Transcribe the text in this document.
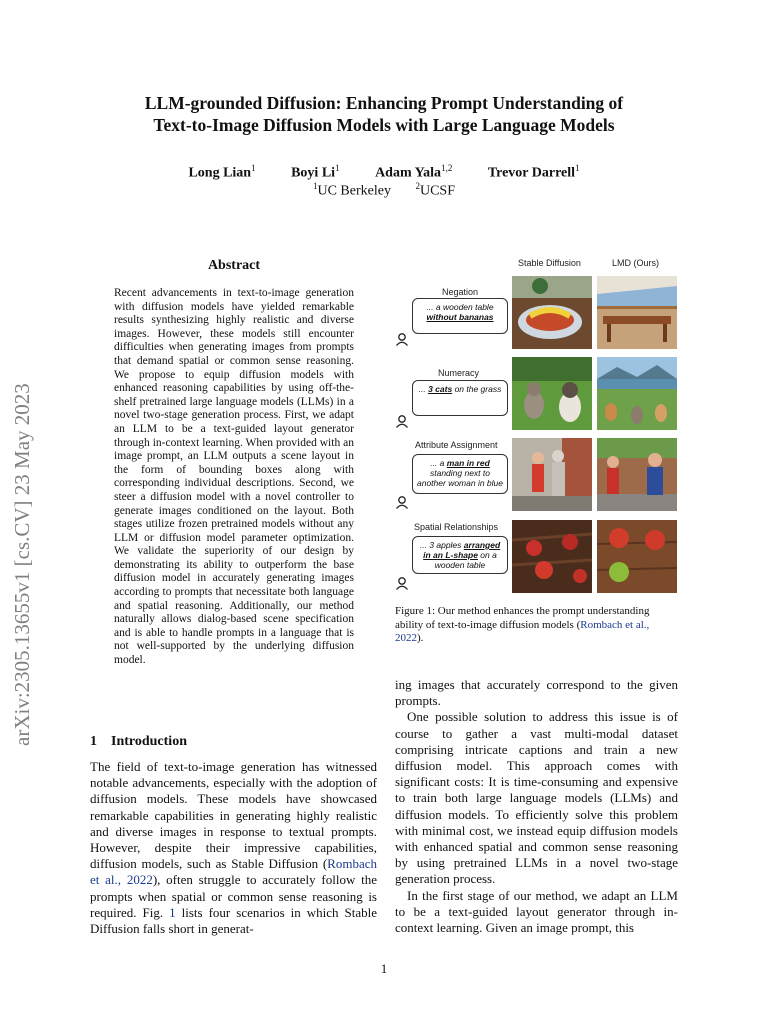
LLM-grounded Diffusion: Enhancing Prompt Understanding of
Text-to-Image Diffusion Models with Large Language Models
Long Lian$^1$	Boyi Li$^1$	Adam Yala$^{1,2}$	Trevor Darrell$^1$
$^1$UC Berkeley	$^2$UCSF
arXiv:2305.13655v1 [cs.CV] 23 May 2023
Abstract
Recent advancements in text-to-image generation with diffusion models have yielded remarkable results synthesizing highly realistic and diverse images. However, these models still encounter difficulties when generating images from prompts that demand spatial or common sense reasoning. We propose to equip diffusion models with enhanced reasoning capabilities by using off-the-shelf pretrained large language models (LLMs) in a novel two-stage generation process. First, we adapt an LLM to be a text-guided layout generator through in-context learning. When provided with an image prompt, an LLM outputs a scene layout in the form of bounding boxes along with corresponding individual descriptions. Second, we steer a diffusion model with a novel controller to generate images conditioned on the layout. Both stages utilize frozen pretrained models without any LLM or diffusion model parameter optimization. We validate the superiority of our design by demonstrating its ability to outperform the base diffusion model in accurately generating images according to prompts that necessitate both language and spatial reasoning. Additionally, our method naturally allows dialog-based scene specification and is able to handle prompts in a language that is not well-supported by the underlying diffusion model.
1 Introduction
The field of text-to-image generation has witnessed notable advancements, especially with the adoption of diffusion models. These models have showcased remarkable capabilities in generating highly realistic and diverse images in response to textual prompts. However, despite their impressive capabilities, diffusion models, such as Stable Diffusion (Rombach et al., 2022), often struggle to accurately follow the prompts when spatial or common sense reasoning is required. Fig. 1 lists four scenarios in which Stable Diffusion falls short in generat-

ing images that accurately correspond to the given prompts.

One possible solution to address this issue is of course to gather a vast multi-modal dataset comprising intricate captions and train a new diffusion model. This approach comes with significant costs: It is time-consuming and expensive to train both large language models (LLMs) and diffusion models. To efficiently solve this problem with minimal cost, we instead equip diffusion models with enhanced spatial and common sense reasoning by using pretrained LLMs in a novel two-stage generation process.

In the first stage of our method, we adapt an LLM to be a text-guided layout generator through in-context learning. Given an image prompt, this

Stable Diffusion	LMD (Ours)
Negation
... a wooden table
without bananas
Numeracy
... 3 cats on the grass
Attribute Assignment
... a man in red standing next to another woman in blue
Spatial Relationships
... 3 apples arranged in an L-shape on a wooden table
Figure 1: Our method enhances the prompt understanding ability of text-to-image diffusion models (Rombach et al., 2022).
1
